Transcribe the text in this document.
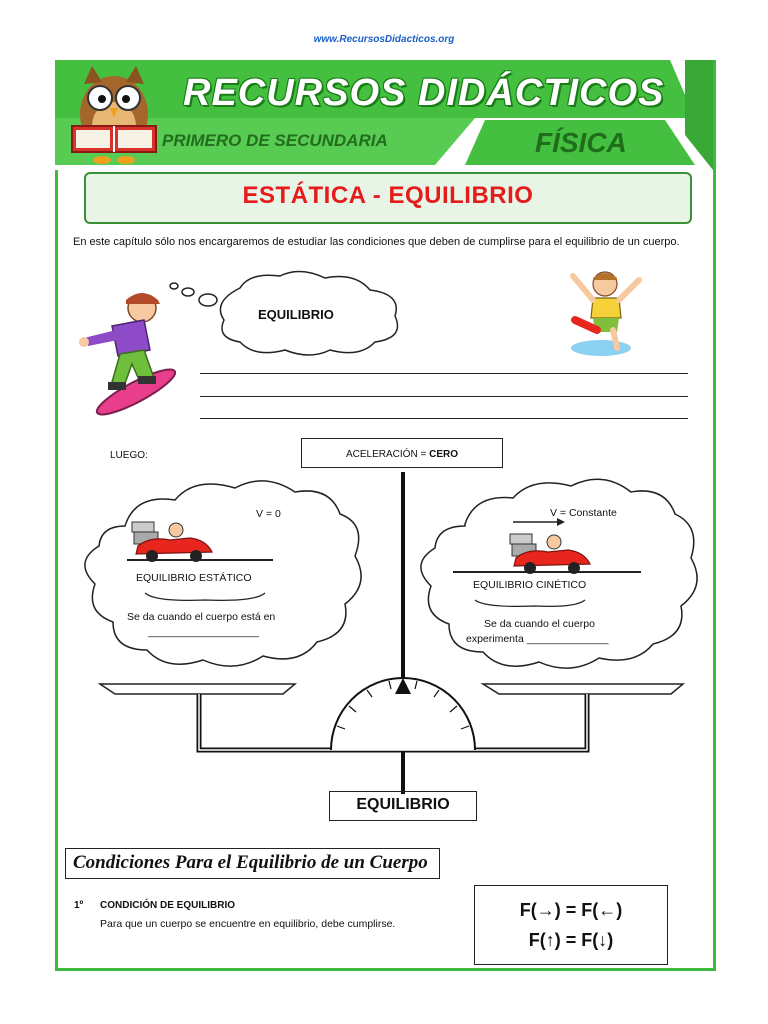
www.RecursosDidacticos.org
RECURSOS DIDÁCTICOS
PRIMERO DE SECUNDARIA	FÍSICA
ESTÁTICA - EQUILIBRIO
En este capítulo sólo nos encargaremos de estudiar las condiciones que deben de cumplirse para el equilibrio de un cuerpo.
EQUILIBRIO
LUEGO:	ACELERACIÓN = CERO
V = 0
EQUILIBRIO ESTÁTICO
Se da cuando el cuerpo está en
___________________
V = Constante
EQUILIBRIO CINÉTICO
Se da cuando el cuerpo
experimenta ______________
EQUILIBRIO
Condiciones Para el Equilibrio de un Cuerpo
1º CONDICIÓN DE EQUILIBRIO
Para que un cuerpo se encuentre en equilibrio, debe cumplirse.
F(→) = F(←)
F(↑) = F(↓)
